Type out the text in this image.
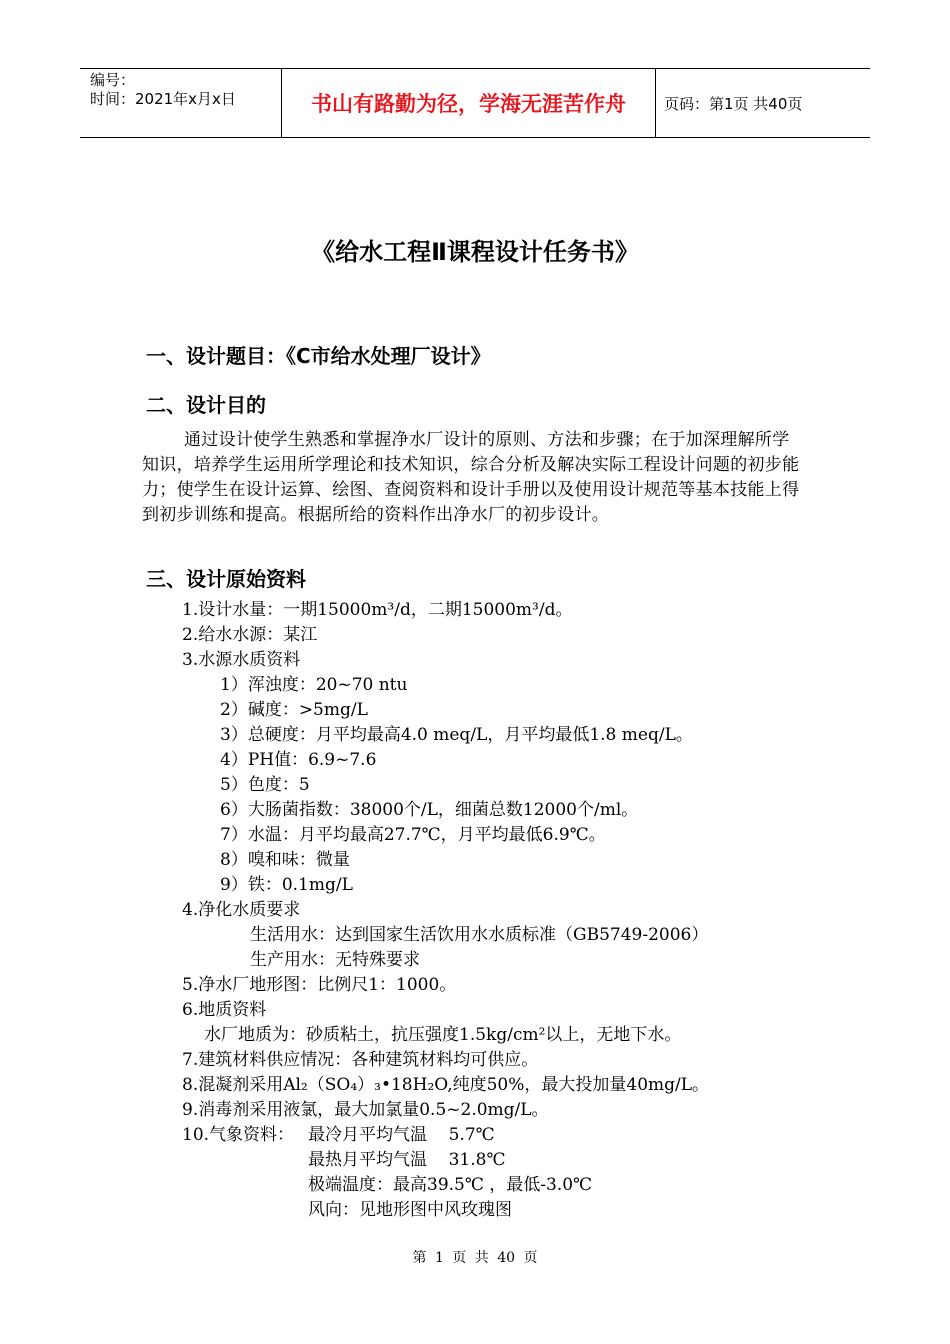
编号：
时间：2021年x月x日	书山有路勤为径，学海无涯苦作舟	页码：第1页 共40页
《给水工程Ⅱ课程设计任务书》
一、设计题目：《C市给水处理厂设计》
二、设计目的
通过设计使学生熟悉和掌握净水厂设计的原则、方法和步骤；在于加深理解所学知识，培养学生运用所学理论和技术知识，综合分析及解决实际工程设计问题的初步能力；使学生在设计运算、绘图、查阅资料和设计手册以及使用设计规范等基本技能上得到初步训练和提高。根据所给的资料作出净水厂的初步设计。
三、设计原始资料
1.设计水量：一期15000m³/d，二期15000m³/d。
2.给水水源：某江
3.水源水质资料
1）浑浊度：20~70 ntu
2）碱度：>5mg/L
3）总硬度：月平均最高4.0 meq/L，月平均最低1.8 meq/L。
4）PH值：6.9~7.6
5）色度：5
6）大肠菌指数：38000个/L，细菌总数12000个/ml。
7）水温：月平均最高27.7℃，月平均最低6.9℃。
8）嗅和味：微量
9）铁：0.1mg/L
4.净化水质要求
生活用水：达到国家生活饮用水水质标准（GB5749-2006）
生产用水：无特殊要求
5.净水厂地形图：比例尺1：1000。
6.地质资料
水厂地质为：砂质粘土，抗压强度1.5kg/cm²以上，无地下水。
7.建筑材料供应情况：各种建筑材料均可供应。
8.混凝剂采用Al₂（SO₄）₃•18H₂O,纯度50%，最大投加量40mg/L。
9.消毒剂采用液氯，最大加氯量0.5~2.0mg/L。
10.气象资料： 最冷月平均气温    5.7℃
最热月平均气温    31.8℃
极端温度：最高39.5℃ ，最低-3.0℃
风向：见地形图中风玫瑰图
第 1 页 共 40 页
